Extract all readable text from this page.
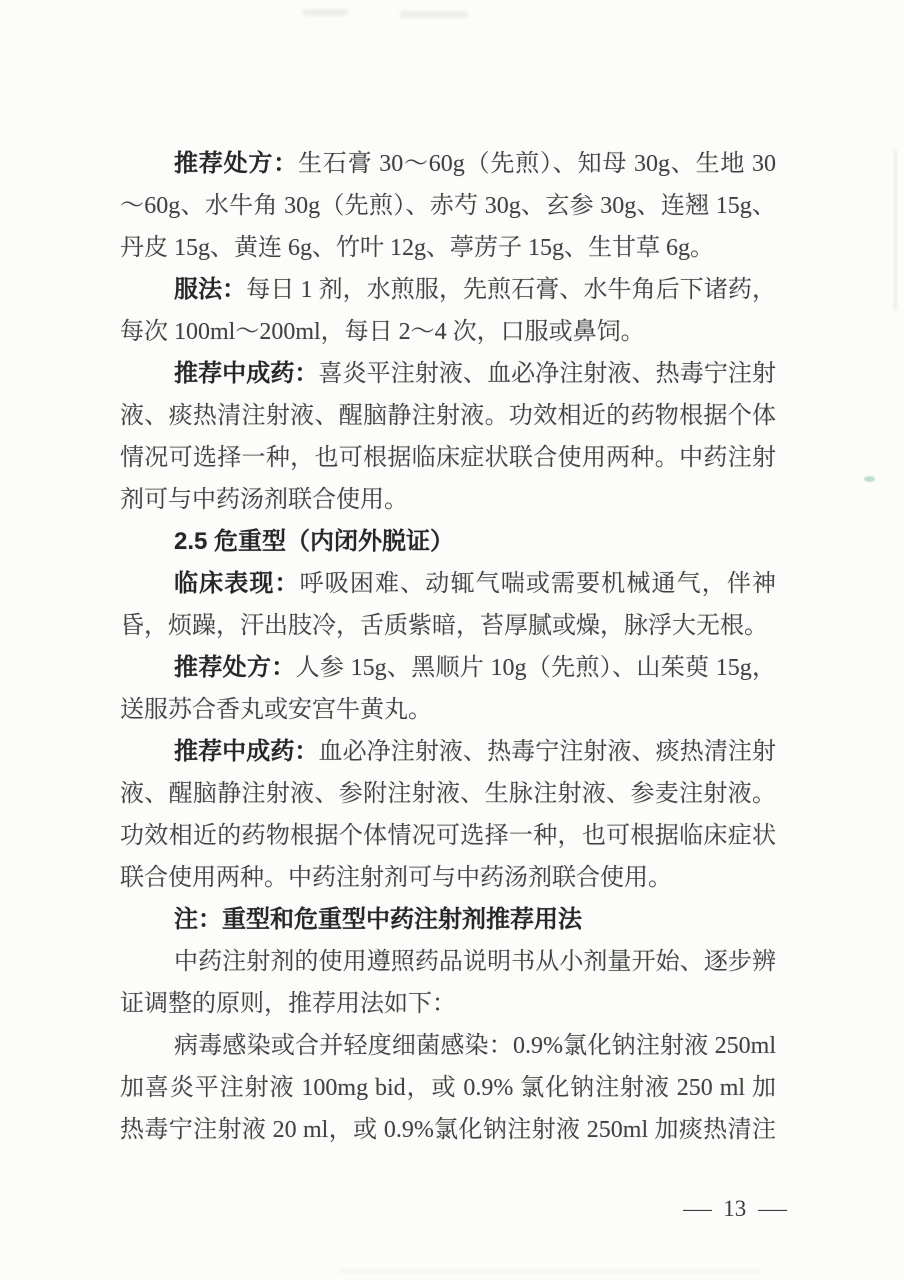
推荐处方：生石膏 30～60g（先煎）、知母 30g、生地 30～60g、水牛角 30g（先煎）、赤芍 30g、玄参 30g、连翘 15g、丹皮 15g、黄连 6g、竹叶 12g、葶苈子 15g、生甘草 6g。

服法：每日 1 剂，水煎服，先煎石膏、水牛角后下诸药，每次 100ml～200ml，每日 2～4 次，口服或鼻饲。

推荐中成药：喜炎平注射液、血必净注射液、热毒宁注射液、痰热清注射液、醒脑静注射液。功效相近的药物根据个体情况可选择一种，也可根据临床症状联合使用两种。中药注射剂可与中药汤剂联合使用。

2.5 危重型（内闭外脱证）

临床表现：呼吸困难、动辄气喘或需要机械通气，伴神昏，烦躁，汗出肢冷，舌质紫暗，苔厚腻或燥，脉浮大无根。

推荐处方：人参 15g、黑顺片 10g（先煎）、山茱萸 15g，送服苏合香丸或安宫牛黄丸。

推荐中成药：血必净注射液、热毒宁注射液、痰热清注射液、醒脑静注射液、参附注射液、生脉注射液、参麦注射液。功效相近的药物根据个体情况可选择一种，也可根据临床症状联合使用两种。中药注射剂可与中药汤剂联合使用。

注：重型和危重型中药注射剂推荐用法

中药注射剂的使用遵照药品说明书从小剂量开始、逐步辨证调整的原则，推荐用法如下：

病毒感染或合并轻度细菌感染：0.9%氯化钠注射液 250ml 加喜炎平注射液 100mg bid，或 0.9% 氯化钠注射液 250 ml 加热毒宁注射液 20 ml，或 0.9%氯化钠注射液 250ml 加痰热清注

— 13 —
